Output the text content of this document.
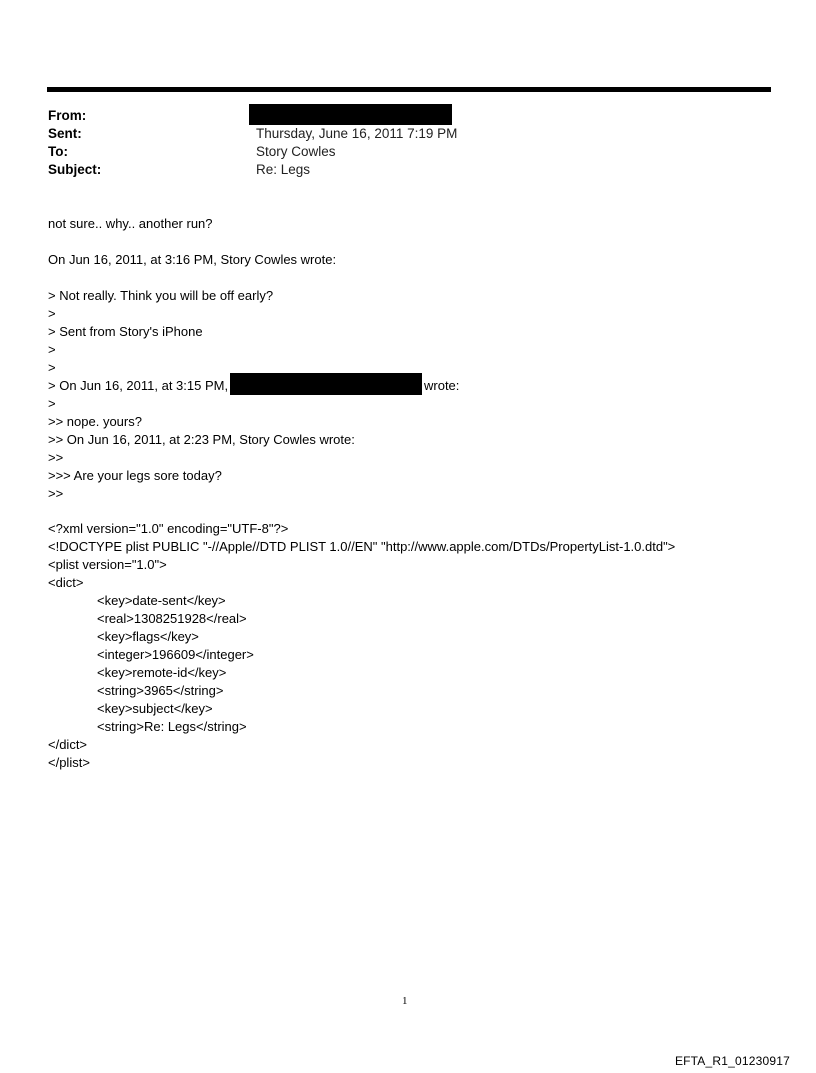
From:
Sent:	Thursday, June 16, 2011 7:19 PM
To:	Story Cowles
Subject:	Re: Legs
not sure.. why.. another run?
On Jun 16, 2011, at 3:16 PM, Story Cowles wrote:
> Not really. Think you will be off early?
>
> Sent from Story's iPhone
>
>
> On Jun 16, 2011, at 3:15 PM,	wrote:
>
>> nope. yours?
>> On Jun 16, 2011, at 2:23 PM, Story Cowles wrote:
>>
>>> Are your legs sore today?
>>
<?xml version="1.0" encoding="UTF-8"?>
<!DOCTYPE plist PUBLIC "-//Apple//DTD PLIST 1.0//EN" "http://www.apple.com/DTDs/PropertyList-1.0.dtd">
<plist version="1.0">
<dict>
<key>date-sent</key>
<real>1308251928</real>
<key>flags</key>
<integer>196609</integer>
<key>remote-id</key>
<string>3965</string>
<key>subject</key>
<string>Re: Legs</string>
</dict>
</plist>
1
EFTA_R1_01230917
